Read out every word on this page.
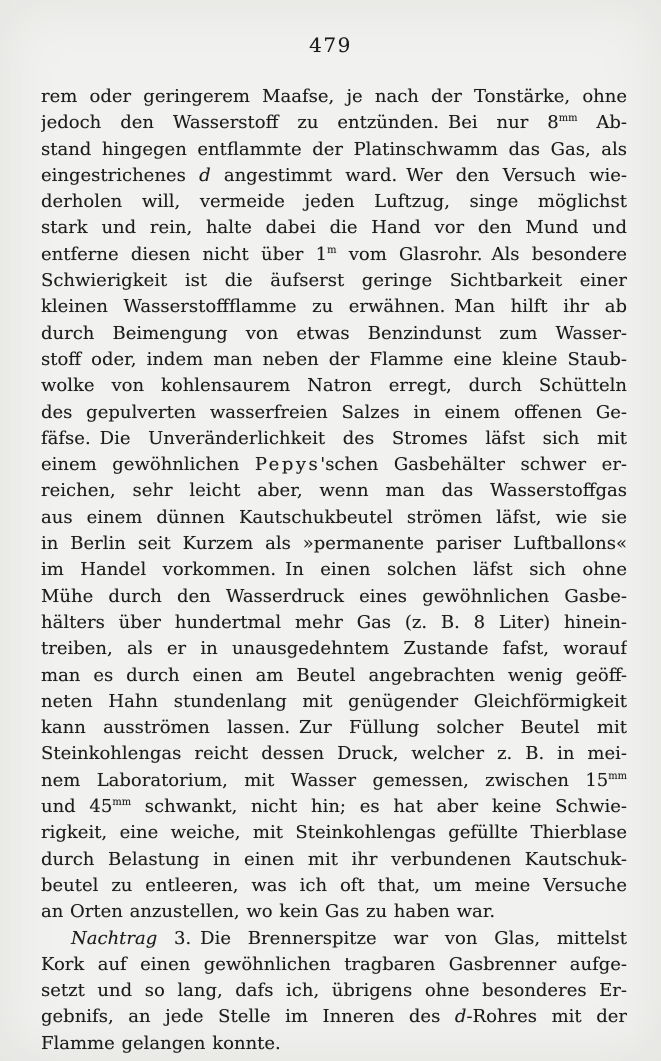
479
rem oder geringerem Maafse, je nach der Tonstärke, ohne
jedoch den Wasserstoff zu entzünden. Bei nur $8^{mm}$ Ab-
stand hingegen entflammte der Platinschwamm das Gas, als
eingestrichenes d angestimmt ward. Wer den Versuch wie-
derholen will, vermeide jeden Luftzug, singe möglichst
stark und rein, halte dabei die Hand vor den Mund und
entferne diesen nicht über 1$^m$ vom Glasrohr. Als besondere
Schwierigkeit ist die äufserst geringe Sichtbarkeit einer
kleinen Wasserstoffflamme zu erwähnen. Man hilft ihr ab
durch Beimengung von etwas Benzindunst zum Wasser-
stoff oder, indem man neben der Flamme eine kleine Staub-
wolke von kohlensaurem Natron erregt, durch Schütteln
des gepulverten wasserfreien Salzes in einem offenen Ge-
fäfse. Die Unveränderlichkeit des Stromes läfst sich mit
einem gewöhnlichen Pepys'schen Gasbehälter schwer er-
reichen, sehr leicht aber, wenn man das Wasserstoffgas
aus einem dünnen Kautschukbeutel strömen läfst, wie sie
in Berlin seit Kurzem als »permanente pariser Luftballons«
im Handel vorkommen. In einen solchen läfst sich ohne
Mühe durch den Wasserdruck eines gewöhnlichen Gasbe-
hälters über hundertmal mehr Gas (z. B. 8 Liter) hinein-
treiben, als er in unausgedehntem Zustande fafst, worauf
man es durch einen am Beutel angebrachten wenig geöff-
neten Hahn stundenlang mit genügender Gleichförmigkeit
kann ausströmen lassen. Zur Füllung solcher Beutel mit
Steinkohlengas reicht dessen Druck, welcher z. B. in mei-
nem Laboratorium, mit Wasser gemessen, zwischen $15^{mm}$
und $45^{mm}$ schwankt, nicht hin; es hat aber keine Schwie-
rigkeit, eine weiche, mit Steinkohlengas gefüllte Thierblase
durch Belastung in einen mit ihr verbundenen Kautschuk-
beutel zu entleeren, was ich oft that, um meine Versuche
an Orten anzustellen, wo kein Gas zu haben war.
Nachtrag 3. Die Brennerspitze war von Glas, mittelst
Kork auf einen gewöhnlichen tragbaren Gasbrenner aufge-
setzt und so lang, dafs ich, übrigens ohne besonderes Er-
gebnifs, an jede Stelle im Inneren des d-Rohres mit der
Flamme gelangen konnte.
